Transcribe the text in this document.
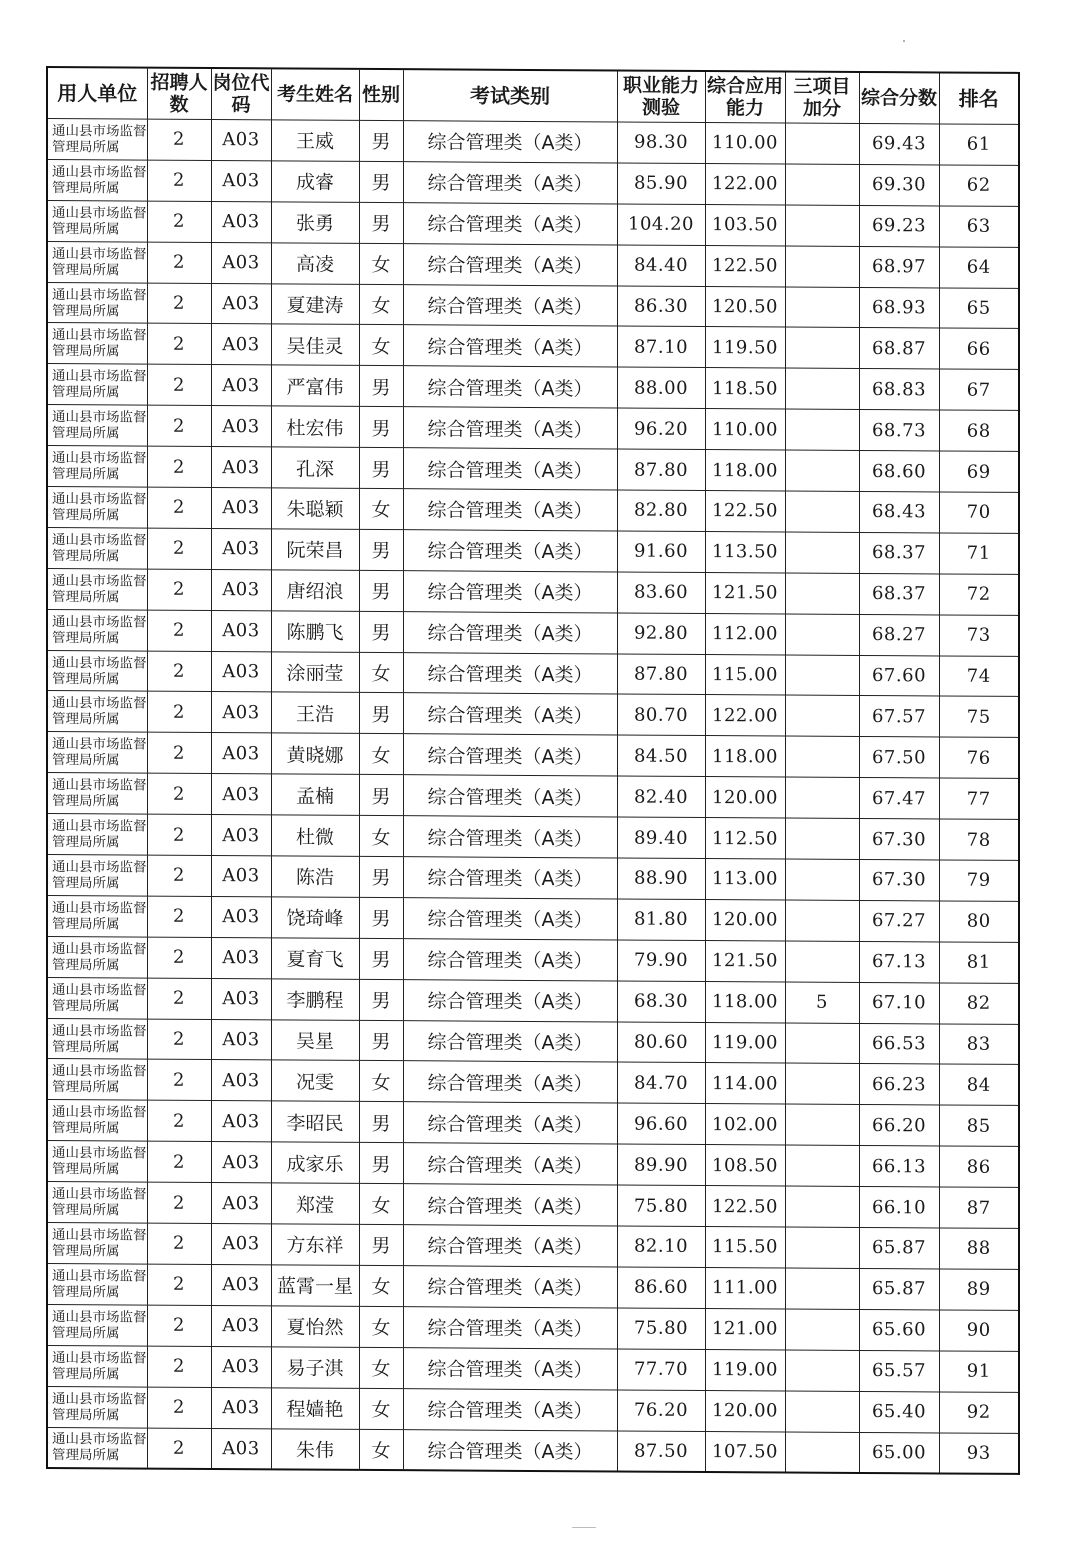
用人单位	招聘人数	岗位代码	考生姓名	性别	考试类别	职业能力测验	综合应用能力	三项目加分	综合分数	排名
通山县市场监督管理局所属	2	A03	王威	男	综合管理类（A类）	98.30	110.00		69.43	61
通山县市场监督管理局所属	2	A03	成睿	男	综合管理类（A类）	85.90	122.00		69.30	62
通山县市场监督管理局所属	2	A03	张勇	男	综合管理类（A类）	104.20	103.50		69.23	63
通山县市场监督管理局所属	2	A03	高凌	女	综合管理类（A类）	84.40	122.50		68.97	64
通山县市场监督管理局所属	2	A03	夏建涛	女	综合管理类（A类）	86.30	120.50		68.93	65
通山县市场监督管理局所属	2	A03	吴佳灵	女	综合管理类（A类）	87.10	119.50		68.87	66
通山县市场监督管理局所属	2	A03	严富伟	男	综合管理类（A类）	88.00	118.50		68.83	67
通山县市场监督管理局所属	2	A03	杜宏伟	男	综合管理类（A类）	96.20	110.00		68.73	68
通山县市场监督管理局所属	2	A03	孔深	男	综合管理类（A类）	87.80	118.00		68.60	69
通山县市场监督管理局所属	2	A03	朱聪颖	女	综合管理类（A类）	82.80	122.50		68.43	70
通山县市场监督管理局所属	2	A03	阮荣昌	男	综合管理类（A类）	91.60	113.50		68.37	71
通山县市场监督管理局所属	2	A03	唐绍浪	男	综合管理类（A类）	83.60	121.50		68.37	72
通山县市场监督管理局所属	2	A03	陈鹏飞	男	综合管理类（A类）	92.80	112.00		68.27	73
通山县市场监督管理局所属	2	A03	涂丽莹	女	综合管理类（A类）	87.80	115.00		67.60	74
通山县市场监督管理局所属	2	A03	王浩	男	综合管理类（A类）	80.70	122.00		67.57	75
通山县市场监督管理局所属	2	A03	黄晓娜	女	综合管理类（A类）	84.50	118.00		67.50	76
通山县市场监督管理局所属	2	A03	孟楠	男	综合管理类（A类）	82.40	120.00		67.47	77
通山县市场监督管理局所属	2	A03	杜微	女	综合管理类（A类）	89.40	112.50		67.30	78
通山县市场监督管理局所属	2	A03	陈浩	男	综合管理类（A类）	88.90	113.00		67.30	79
通山县市场监督管理局所属	2	A03	饶琦峰	男	综合管理类（A类）	81.80	120.00		67.27	80
通山县市场监督管理局所属	2	A03	夏育飞	男	综合管理类（A类）	79.90	121.50		67.13	81
通山县市场监督管理局所属	2	A03	李鹏程	男	综合管理类（A类）	68.30	118.00	5	67.10	82
通山县市场监督管理局所属	2	A03	吴星	男	综合管理类（A类）	80.60	119.00		66.53	83
通山县市场监督管理局所属	2	A03	况雯	女	综合管理类（A类）	84.70	114.00		66.23	84
通山县市场监督管理局所属	2	A03	李昭民	男	综合管理类（A类）	96.60	102.00		66.20	85
通山县市场监督管理局所属	2	A03	成家乐	男	综合管理类（A类）	89.90	108.50		66.13	86
通山县市场监督管理局所属	2	A03	郑滢	女	综合管理类（A类）	75.80	122.50		66.10	87
通山县市场监督管理局所属	2	A03	方东祥	男	综合管理类（A类）	82.10	115.50		65.87	88
通山县市场监督管理局所属	2	A03	蓝霄一星	女	综合管理类（A类）	86.60	111.00		65.87	89
通山县市场监督管理局所属	2	A03	夏怡然	女	综合管理类（A类）	75.80	121.00		65.60	90
通山县市场监督管理局所属	2	A03	易子淇	女	综合管理类（A类）	77.70	119.00		65.57	91
通山县市场监督管理局所属	2	A03	程嫱艳	女	综合管理类（A类）	76.20	120.00		65.40	92
通山县市场监督管理局所属	2	A03	朱伟	女	综合管理类（A类）	87.50	107.50		65.00	93
